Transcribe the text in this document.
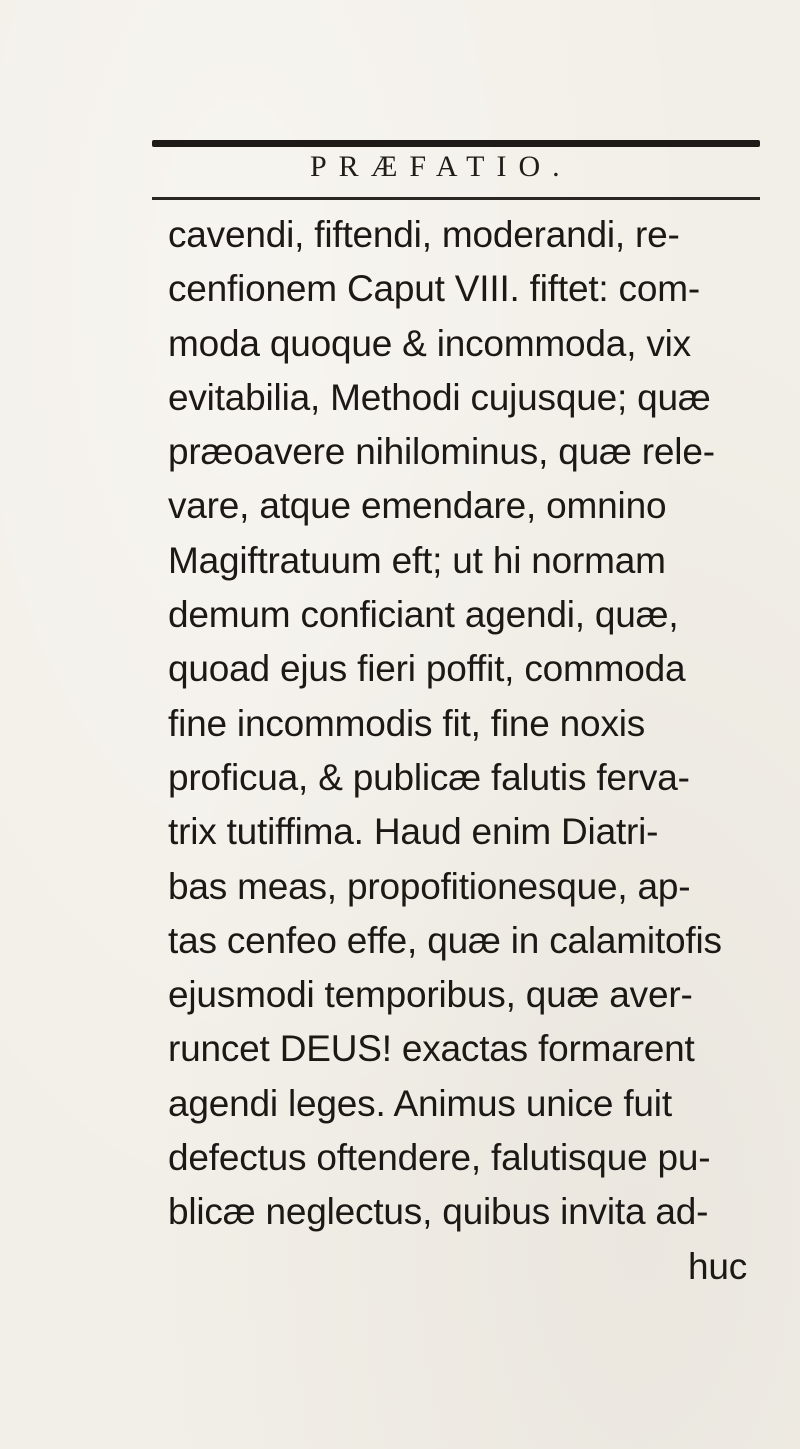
PRÆFATIO.
cavendi, fiftendi, moderandi, re-
cenfionem Caput VIII. fiftet: com-
moda quoque & incommoda, vix
evitabilia, Methodi cujusque; quæ
præoavere nihilominus, quæ rele-
vare, atque emendare, omnino
Magiftratuum eft; ut hi normam
demum conficiant agendi, quæ,
quoad ejus fieri poffit, commoda
fine incommodis fit, fine noxis
proficua, & publicæ falutis ferva-
trix tutiffima. Haud enim Diatri-
bas meas, propofitionesque, ap-
tas cenfeo effe, quæ in calamitofis
ejusmodi temporibus, quæ aver-
runcet DEUS! exactas formarent
agendi leges. Animus unice fuit
defectus oftendere, falutisque pu-
blicæ neglectus, quibus invita ad-
huc
